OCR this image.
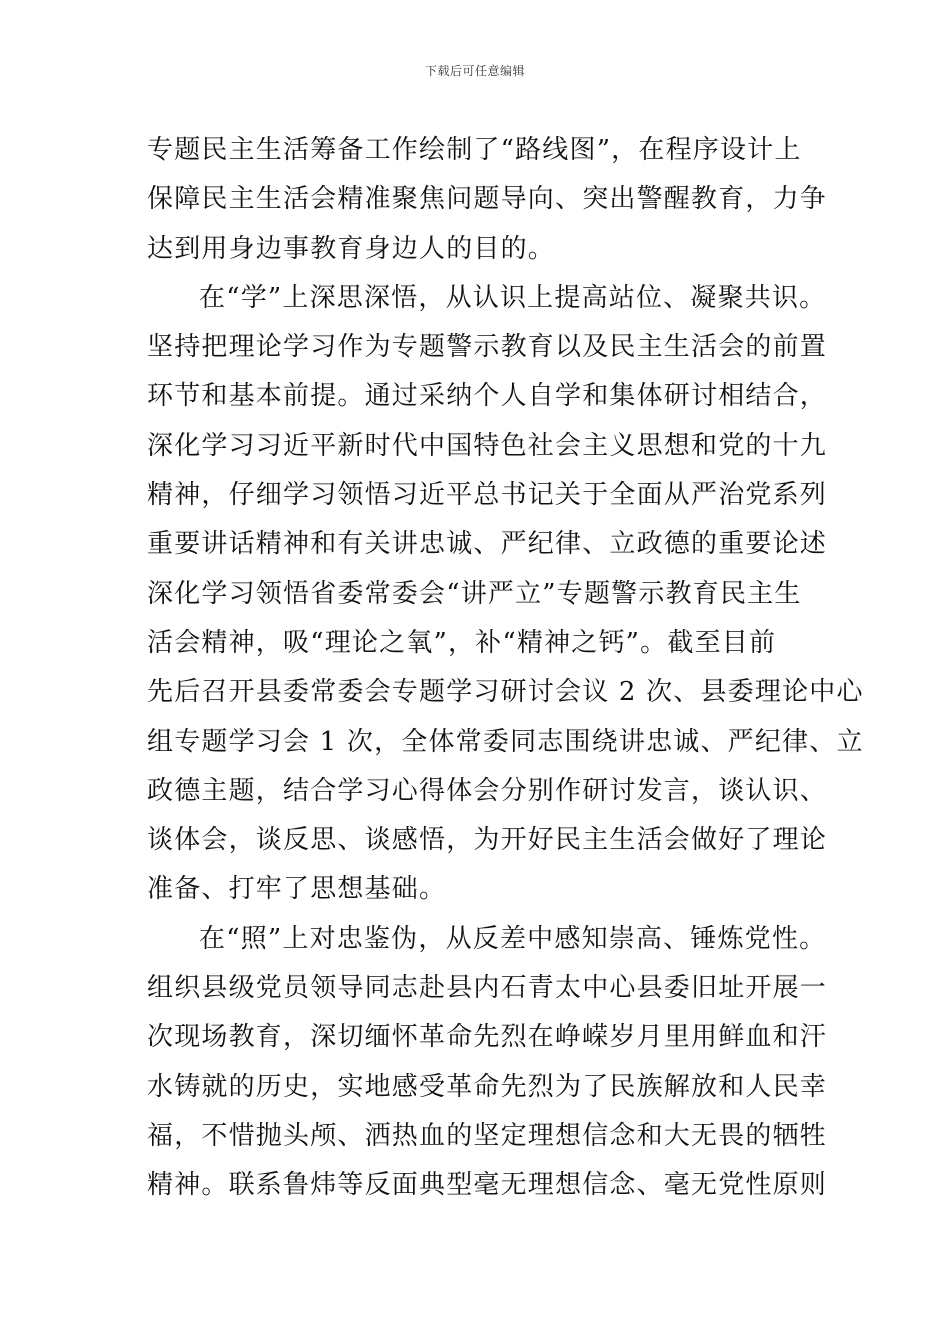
下载后可任意编辑
专题民主生活筹备工作绘制了“路线图”，在程序设计上
保障民主生活会精准聚焦问题导向、突出警醒教育，力争
达到用身边事教育身边人的目的。
在“学”上深思深悟，从认识上提高站位、凝聚共识。
坚持把理论学习作为专题警示教育以及民主生活会的前置
环节和基本前提。通过采纳个人自学和集体研讨相结合，
深化学习习近平新时代中国特色社会主义思想和党的十九
精神，仔细学习领悟习近平总书记关于全面从严治党系列
重要讲话精神和有关讲忠诚、严纪律、立政德的重要论述
深化学习领悟省委常委会“讲严立”专题警示教育民主生
活会精神，吸“理论之氧”，补“精神之钙”。截至目前
先后召开县委常委会专题学习研讨会议 2 次、县委理论中心
组专题学习会 1 次，全体常委同志围绕讲忠诚、严纪律、立
政德主题，结合学习心得体会分别作研讨发言，谈认识、
谈体会，谈反思、谈感悟，为开好民主生活会做好了理论
准备、打牢了思想基础。
在“照”上对忠鉴伪，从反差中感知崇高、锤炼党性。
组织县级党员领导同志赴县内石青太中心县委旧址开展一
次现场教育，深切缅怀革命先烈在峥嵘岁月里用鲜血和汗
水铸就的历史，实地感受革命先烈为了民族解放和人民幸
福，不惜抛头颅、洒热血的坚定理想信念和大无畏的牺牲
精神。联系鲁炜等反面典型毫无理想信念、毫无党性原则
